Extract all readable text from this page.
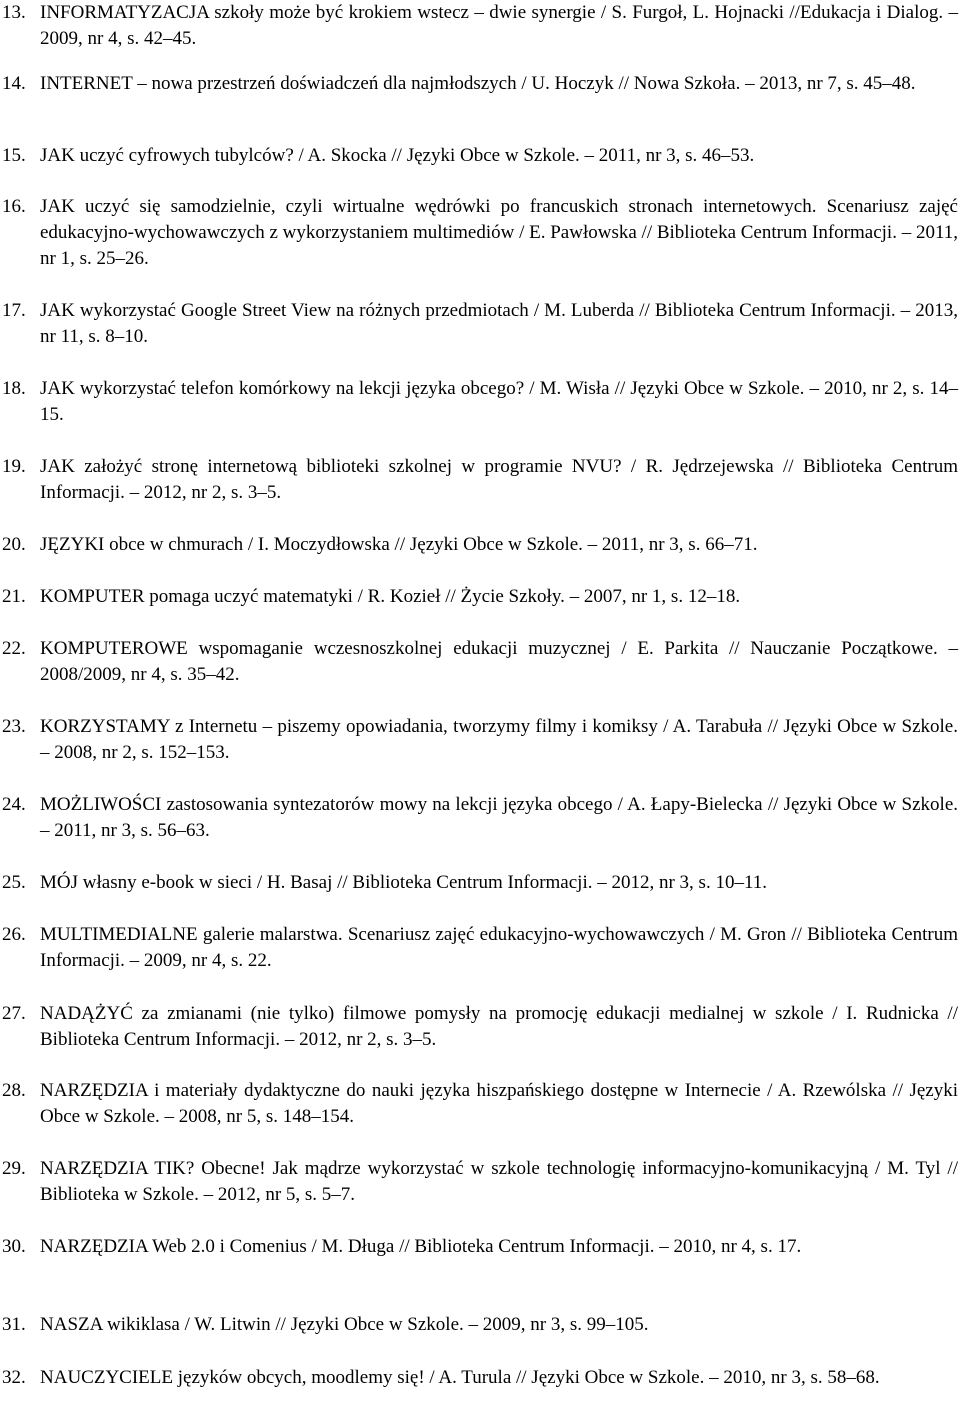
13. INFORMATYZACJA szkoły może być krokiem wstecz – dwie synergie / S. Furgoł, L. Hojnacki //Edukacja i Dialog. – 2009, nr 4, s. 42–45.
14. INTERNET – nowa przestrzeń doświadczeń dla najmłodszych / U. Hoczyk // Nowa Szkoła. – 2013, nr 7, s. 45–48.
15. JAK uczyć cyfrowych tubylców? / A. Skocka // Języki Obce w Szkole. – 2011, nr 3, s. 46–53.
16. JAK uczyć się samodzielnie, czyli wirtualne wędrówki po francuskich stronach internetowych. Scenariusz zajęć edukacyjno-wychowawczych z wykorzystaniem multimediów / E. Pawłowska // Biblioteka Centrum Informacji. – 2011, nr 1, s. 25–26.
17. JAK wykorzystać Google Street View na różnych przedmiotach / M. Luberda // Biblioteka Centrum Informacji. – 2013, nr 11, s. 8–10.
18. JAK wykorzystać telefon komórkowy na lekcji języka obcego? / M. Wisła // Języki Obce w Szkole. – 2010, nr 2, s. 14–15.
19. JAK założyć stronę internetową biblioteki szkolnej w programie NVU? / R. Jędrzejewska // Biblioteka Centrum Informacji. – 2012, nr 2, s. 3–5.
20. JĘZYKI obce w chmurach / I. Moczydłowska // Języki Obce w Szkole. – 2011, nr 3, s. 66–71.
21. KOMPUTER pomaga uczyć matematyki / R. Kozieł // Życie Szkoły. – 2007, nr 1, s. 12–18.
22. KOMPUTEROWE wspomaganie wczesnoszkolnej edukacji muzycznej / E. Parkita // Nauczanie Początkowe. – 2008/2009, nr 4, s. 35–42.
23. KORZYSTAMY z Internetu – piszemy opowiadania, tworzymy filmy i komiksy / A. Tarabuła // Języki Obce w Szkole. – 2008, nr 2, s. 152–153.
24. MOŻLIWOŚCI zastosowania syntezatorów mowy na lekcji języka obcego / A. Łapy-Bielecka // Języki Obce w Szkole. – 2011, nr 3, s. 56–63.
25. MÓJ własny e-book w sieci / H. Basaj // Biblioteka Centrum Informacji. – 2012, nr 3, s. 10–11.
26. MULTIMEDIALNE galerie malarstwa. Scenariusz zajęć edukacyjno-wychowawczych / M. Gron // Biblioteka Centrum Informacji. – 2009, nr 4, s. 22.
27. NADĄŻYĆ za zmianami (nie tylko) filmowe pomysły na promocję edukacji medialnej w szkole / I. Rudnicka // Biblioteka Centrum Informacji. – 2012, nr 2, s. 3–5.
28. NARZĘDZIA i materiały dydaktyczne do nauki języka hiszpańskiego dostępne w Internecie / A. Rzewólska // Języki Obce w Szkole. – 2008, nr 5, s. 148–154.
29. NARZĘDZIA TIK? Obecne! Jak mądrze wykorzystać w szkole technologię informacyjno-komunikacyjną / M. Tyl // Biblioteka w Szkole. – 2012, nr 5, s. 5–7.
30. NARZĘDZIA Web 2.0 i Comenius / M. Długa // Biblioteka Centrum Informacji. – 2010, nr 4, s. 17.
31. NASZA wikiklasa / W. Litwin // Języki Obce w Szkole. – 2009, nr 3, s. 99–105.
32. NAUCZYCIELE języków obcych, moodlemy się! / A. Turula // Języki Obce w Szkole. – 2010, nr 3, s. 58–68.
